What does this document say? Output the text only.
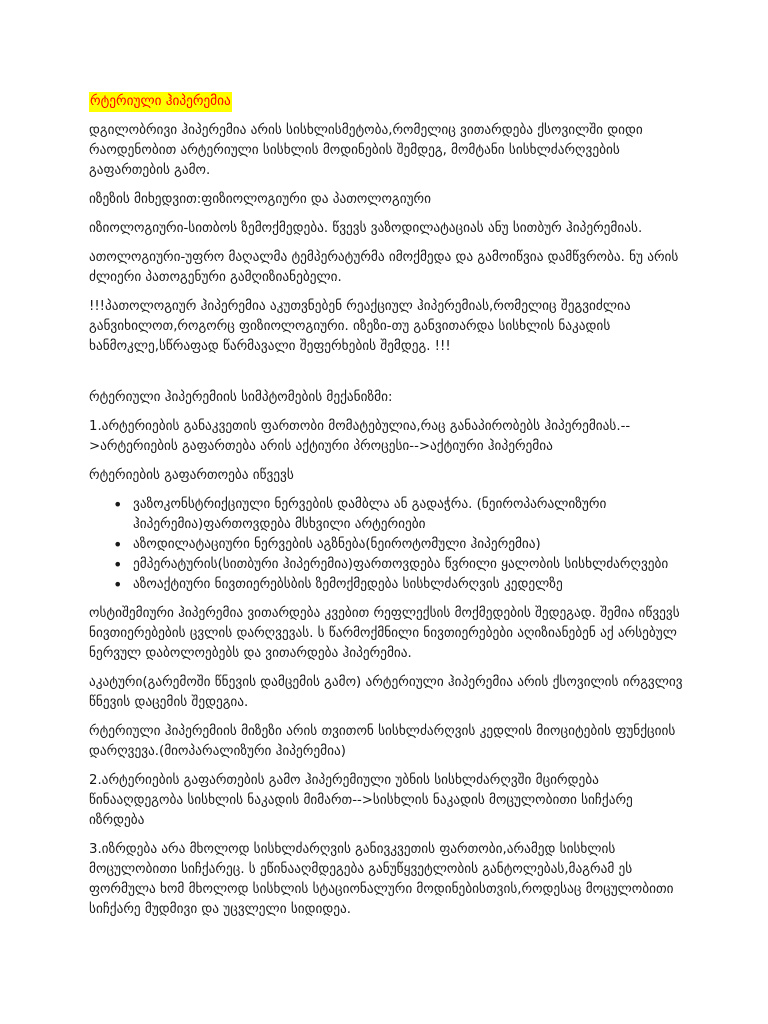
რტერიული ჰიპერემია

დგილობრივი ჰიპერემია არის სისხლისმეტობა,რომელიც ვითარდება ქსოვილში დიდი რაოდენობით არტერიული სისხლის მოდინების შემდეგ, მომტანი სისხლძარღვების გაფართების გამო.

იზეზის მიხედვით:ფიზიოლოგიური და პათოლოგიური

იზიოლოგიური-სითბოს ზემოქმედება. წვევს ვაზოდილატაციას ანუ სითბურ ჰიპერემიას.

ათოლოგიური-უფრო მაღალმა ტემპერატურმა იმოქმედა და გამოიწვია დამწვრობა. ნუ არის ძლიერი პათოგენური გამღიზიანებელი.

!!!პათოლოგიურ ჰიპერემია აკუთვნებენ რეაქციულ ჰიპერემიას,რომელიც შეგვიძლია განვიხილოთ,როგორც ფიზიოლოგიური. იზეზი-თუ განვითარდა სისხლის ნაკადის ხანმოკლე,სწრაფად წარმავალი შეფერხების შემდეგ. !!!

რტერიული ჰიპერემიის სიმპტომების მექანიზმი:

1.არტერიების განაკვეთის ფართობი მომატებულია,რაც განაპირობებს ჰიპერემიას.-->არტერიების გაფართება არის აქტიური პროცესი-->აქტიური ჰიპერემია

რტერიების გაფართოება იწვევს

• ვაზოკონსტრიქციული ნერვების დამბლა ან გადაჭრა. (ნეიროპარალიზური ჰიპერემია)ფართოვდება მსხვილი არტერიები
• აზოდილატაციური ნერვების აგზნება(ნეიროტომული ჰიპერემია)
• ემპერატურის(სითბური ჰიპერემია)ფართოვდება წვრილი ყალობის სისხლძარღვები
• აზოაქტიური ნივთიერებსბის ზემოქმედება სისხლძარღვის კედელზე

ოსტიშემიური ჰიპერემია ვითარდება კვებით რეფლექსის მოქმედების შედეგად. შემია იწვევს ნივთიერებების ცვლის დარღვევას. ს წარმოქმნილი ნივთიერებები აღიზიანებენ აქ არსებულ ნერვულ დაბოლოებებს და ვითარდება ჰიპერემია.

აკატური(გარემოში წნევის დამცემის გამო) არტერიული ჰიპერემია არის ქსოვილის ირგვლივ წნევის დაცემის შედეგია.

რტერიული ჰიპერემიის მიზეზი არის თვითონ სისხლძარღვის კედლის მიოციტების ფუნქციის დარღვევა.(მიოპარალიზური ჰიპერემია)

2.არტერიების გაფართების გამო ჰიპერემიული უბნის სისხლძარღვში მცირდება წინააღდეგობა სისხლის ნაკადის მიმართ-->სისხლის ნაკადის მოცულობითი სიჩქარე იზრდება

3.იზრდება არა მხოლოდ სისხლძარღვის განივკვეთის ფართობი,არამედ სისხლის მოცულობითი სიჩქარეც. ს ეწინააღმდეგება განუწყვეტლობის განტოლებას,მაგრამ ეს ფორმულა ხომ მხოლოდ სისხლის სტაციონალური მოდინებისთვის,როდესაც მოცულობითი სიჩქარე მუდმივი და უცვლელი სიდიდეა.
